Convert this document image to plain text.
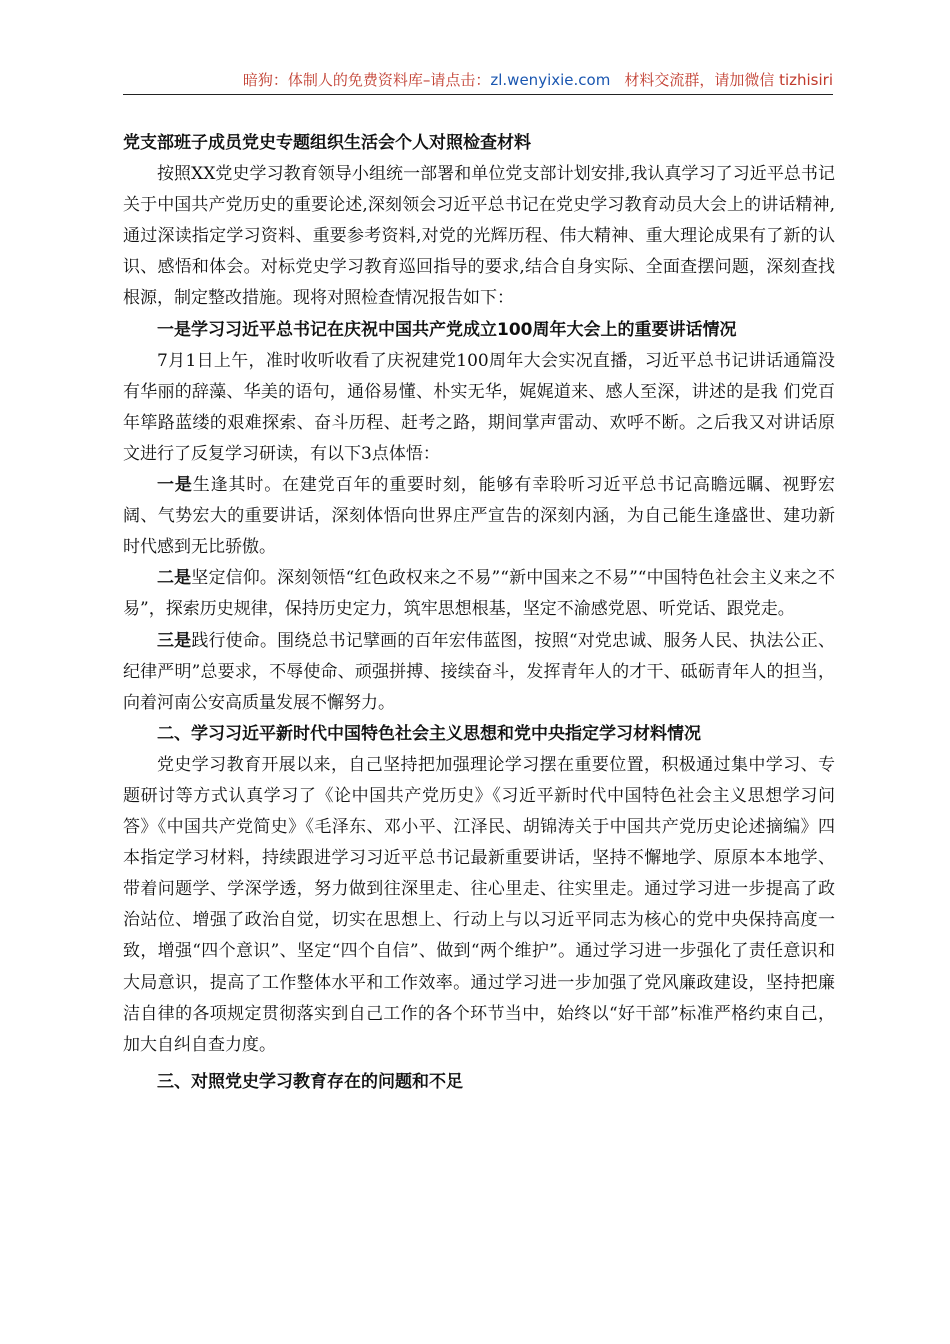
暗狗：体制人的免费资料库–请点击：zl.wenyixie.com 材料交流群，请加微信 tizhisiri

党支部班子成员党史专题组织生活会个人对照检查材料

按照XX党史学习教育领导小组统一部署和单位党支部计划安排,我认真学习了习近平总书记关于中国共产党历史的重要论述,深刻领会习近平总书记在党史学习教育动员大会上的讲话精神,通过深读指定学习资料、重要参考资料,对党的光辉历程、伟大精神、重大理论成果有了新的认识、感悟和体会。对标党史学习教育巡回指导的要求,结合自身实际、全面查摆问题，深刻查找根源，制定整改措施。现将对照检查情况报告如下：

一是学习习近平总书记在庆祝中国共产党成立100周年大会上的重要讲话情况

7月1日上午，准时收听收看了庆祝建党100周年大会实况直播，习近平总书记讲话通篇没有华丽的辞藻、华美的语句，通俗易懂、朴实无华，娓娓道来、感人至深，讲述的是我 们党百年筚路蓝缕的艰难探索、奋斗历程、赶考之路，期间掌声雷动、欢呼不断。之后我又对讲话原文进行了反复学习研读，有以下3点体悟：

一是生逢其时。在建党百年的重要时刻，能够有幸聆听习近平总书记高瞻远瞩、视野宏阔、气势宏大的重要讲话，深刻体悟向世界庄严宣告的深刻内涵，为自己能生逢盛世、建功新时代感到无比骄傲。

二是坚定信仰。深刻领悟“红色政权来之不易”“新中国来之不易”“中国特色社会主义来之不易”，探索历史规律，保持历史定力，筑牢思想根基，坚定不渝感党恩、听党话、跟党走。

三是践行使命。围绕总书记擘画的百年宏伟蓝图，按照“对党忠诚、服务人民、执法公正、纪律严明”总要求，不辱使命、顽强拼搏、接续奋斗，发挥青年人的才干、砥砺青年人的担当，向着河南公安高质量发展不懈努力。

二、学习习近平新时代中国特色社会主义思想和党中央指定学习材料情况

党史学习教育开展以来，自己坚持把加强理论学习摆在重要位置，积极通过集中学习、专题研讨等方式认真学习了《论中国共产党历史》《习近平新时代中国特色社会主义思想学习问答》《中国共产党简史》《毛泽东、邓小平、江泽民、胡锦涛关于中国共产党历史论述摘编》四本指定学习材料，持续跟进学习习近平总书记最新重要讲话，坚持不懈地学、原原本本地学、带着问题学、学深学透，努力做到往深里走、往心里走、往实里走。通过学习进一步提高了政治站位、增强了政治自觉，切实在思想上、行动上与以习近平同志为核心的党中央保持高度一致，增强“四个意识”、坚定“四个自信”、做到“两个维护”。通过学习进一步强化了责任意识和大局意识，提高了工作整体水平和工作效率。通过学习进一步加强了党风廉政建设，坚持把廉洁自律的各项规定贯彻落实到自己工作的各个环节当中，始终以“好干部”标准严格约束自己，加大自纠自查力度。

三、对照党史学习教育存在的问题和不足
